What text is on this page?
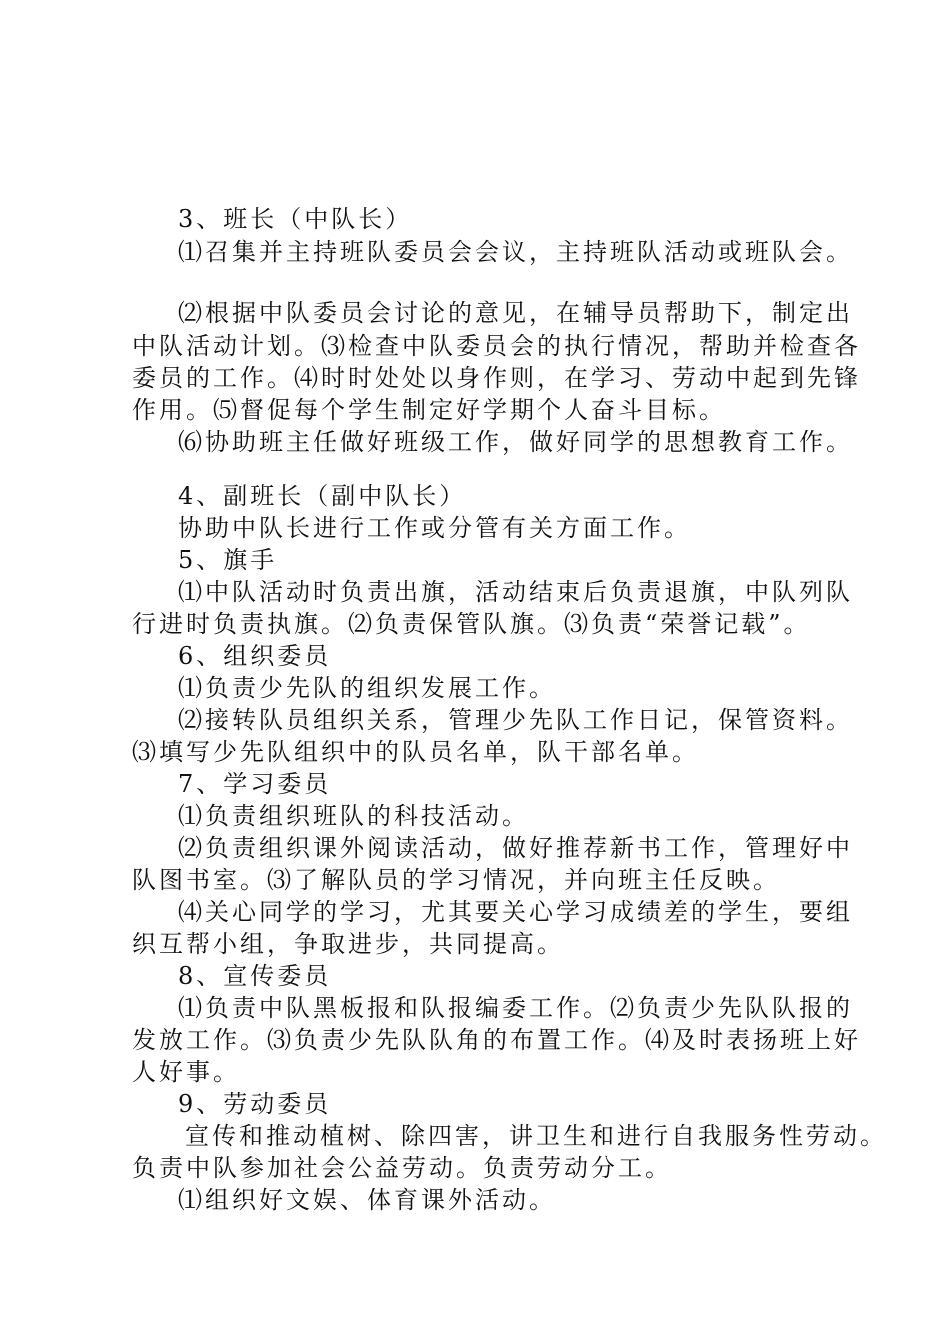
3、班长（中队长）
⑴召集并主持班队委员会会议，主持班队活动或班队会。
⑵根据中队委员会讨论的意见，在辅导员帮助下，制定出
中队活动计划。⑶检查中队委员会的执行情况，帮助并检查各
委员的工作。⑷时时处处以身作则，在学习、劳动中起到先锋
作用。⑸督促每个学生制定好学期个人奋斗目标。
⑹协助班主任做好班级工作，做好同学的思想教育工作。
4、副班长（副中队长）
协助中队长进行工作或分管有关方面工作。
5、旗手
⑴中队活动时负责出旗，活动结束后负责退旗，中队列队
行进时负责执旗。⑵负责保管队旗。⑶负责“荣誉记载”。
6、组织委员
⑴负责少先队的组织发展工作。
⑵接转队员组织关系，管理少先队工作日记，保管资料。
⑶填写少先队组织中的队员名单，队干部名单。
7、学习委员
⑴负责组织班队的科技活动。
⑵负责组织课外阅读活动，做好推荐新书工作，管理好中
队图书室。⑶了解队员的学习情况，并向班主任反映。
⑷关心同学的学习，尤其要关心学习成绩差的学生，要组
织互帮小组，争取进步，共同提高。
8、宣传委员
⑴负责中队黑板报和队报编委工作。⑵负责少先队队报的
发放工作。⑶负责少先队队角的布置工作。⑷及时表扬班上好
人好事。
9、劳动委员
宣传和推动植树、除四害，讲卫生和进行自我服务性劳动。
负责中队参加社会公益劳动。负责劳动分工。
⑴组织好文娱、体育课外活动。
